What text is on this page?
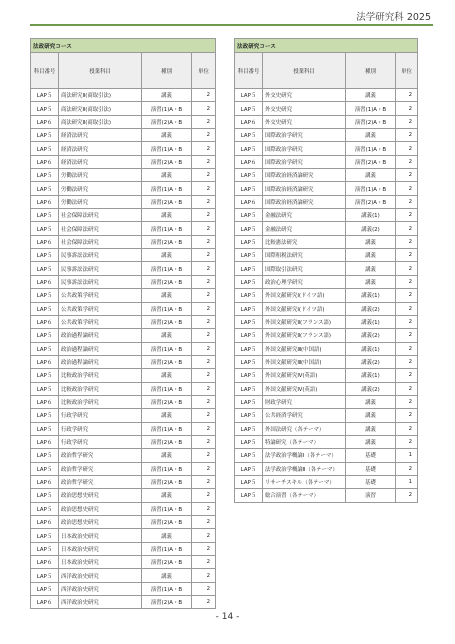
法学研究科 2025
法政研究コース			
科目番号	授業科目	種別	単位
LAP５	商法研究Ⅱ(商取引法)	講義	2
LAP５	商法研究Ⅱ(商取引法)	演習(1)A・B	2
LAP６	商法研究Ⅱ(商取引法)	演習(2)A・B	2
LAP５	経済法研究	講義	2
LAP５	経済法研究	演習(1)A・B	2
LAP６	経済法研究	演習(2)A・B	2
LAP５	労働法研究	講義	2
LAP５	労働法研究	演習(1)A・B	2
LAP６	労働法研究	演習(2)A・B	2
LAP５	社会保障法研究	講義	2
LAP５	社会保障法研究	演習(1)A・B	2
LAP６	社会保障法研究	演習(2)A・B	2
LAP５	民事訴訟法研究	講義	2
LAP５	民事訴訟法研究	演習(1)A・B	2
LAP６	民事訴訟法研究	演習(2)A・B	2
LAP５	公共政策学研究	講義	2
LAP５	公共政策学研究	演習(1)A・B	2
LAP６	公共政策学研究	演習(2)A・B	2
LAP５	政治過程論研究	講義	2
LAP５	政治過程論研究	演習(1)A・B	2
LAP６	政治過程論研究	演習(2)A・B	2
LAP５	比較政治学研究	講義	2
LAP５	比較政治学研究	演習(1)A・B	2
LAP６	比較政治学研究	演習(2)A・B	2
LAP５	行政学研究	講義	2
LAP５	行政学研究	演習(1)A・B	2
LAP６	行政学研究	演習(2)A・B	2
LAP５	政治哲学研究	講義	2
LAP５	政治哲学研究	演習(1)A・B	2
LAP６	政治哲学研究	演習(2)A・B	2
LAP５	政治思想史研究	講義	2
LAP５	政治思想史研究	演習(1)A・B	2
LAP６	政治思想史研究	演習(2)A・B	2
LAP５	日本政治史研究	講義	2
LAP５	日本政治史研究	演習(1)A・B	2
LAP６	日本政治史研究	演習(2)A・B	2
LAP５	西洋政治史研究	講義	2
LAP５	西洋政治史研究	演習(1)A・B	2
LAP６	西洋政治史研究	演習(2)A・B	2
法政研究コース			
科目番号	授業科目	種別	単位
LAP５	外交史研究	講義	2
LAP５	外交史研究	演習(1)A・B	2
LAP６	外交史研究	演習(2)A・B	2
LAP５	国際政治学研究	講義	2
LAP５	国際政治学研究	演習(1)A・B	2
LAP６	国際政治学研究	演習(2)A・B	2
LAP５	国際政治経済論研究	講義	2
LAP５	国際政治経済論研究	演習(1)A・B	2
LAP６	国際政治経済論研究	演習(2)A・B	2
LAP５	金融法研究	講義(1)	2
LAP５	金融法研究	講義(2)	2
LAP５	比較憲法研究	講義	2
LAP５	国際租税法研究	講義	2
LAP５	国際取引法研究	講義	2
LAP５	政治心理学研究	講義	2
LAP５	外国文献研究Ⅰ(ドイツ語)	講義(1)	2
LAP５	外国文献研究Ⅰ(ドイツ語)	講義(2)	2
LAP５	外国文献研究Ⅱ(フランス語)	講義(1)	2
LAP５	外国文献研究Ⅱ(フランス語)	講義(2)	2
LAP５	外国文献研究Ⅲ(中国語)	講義(1)	2
LAP５	外国文献研究Ⅲ(中国語)	講義(2)	2
LAP５	外国文献研究Ⅳ(英語)	講義(1)	2
LAP５	外国文献研究Ⅳ(英語)	講義(2)	2
LAP５	財政学研究	講義	2
LAP５	公共経済学研究	講義	2
LAP５	外国法研究（各テーマ）	講義	2
LAP５	特論研究（各テーマ）	講義	2
LAP５	法学政治学概論Ⅰ（各テーマ）	基礎	1
LAP５	法学政治学概論Ⅱ（各テーマ）	基礎	2
LAP５	リサーチスキル（各テーマ）	基礎	1
LAP５	総合演習（各テーマ）	演習	2
- 14 -
